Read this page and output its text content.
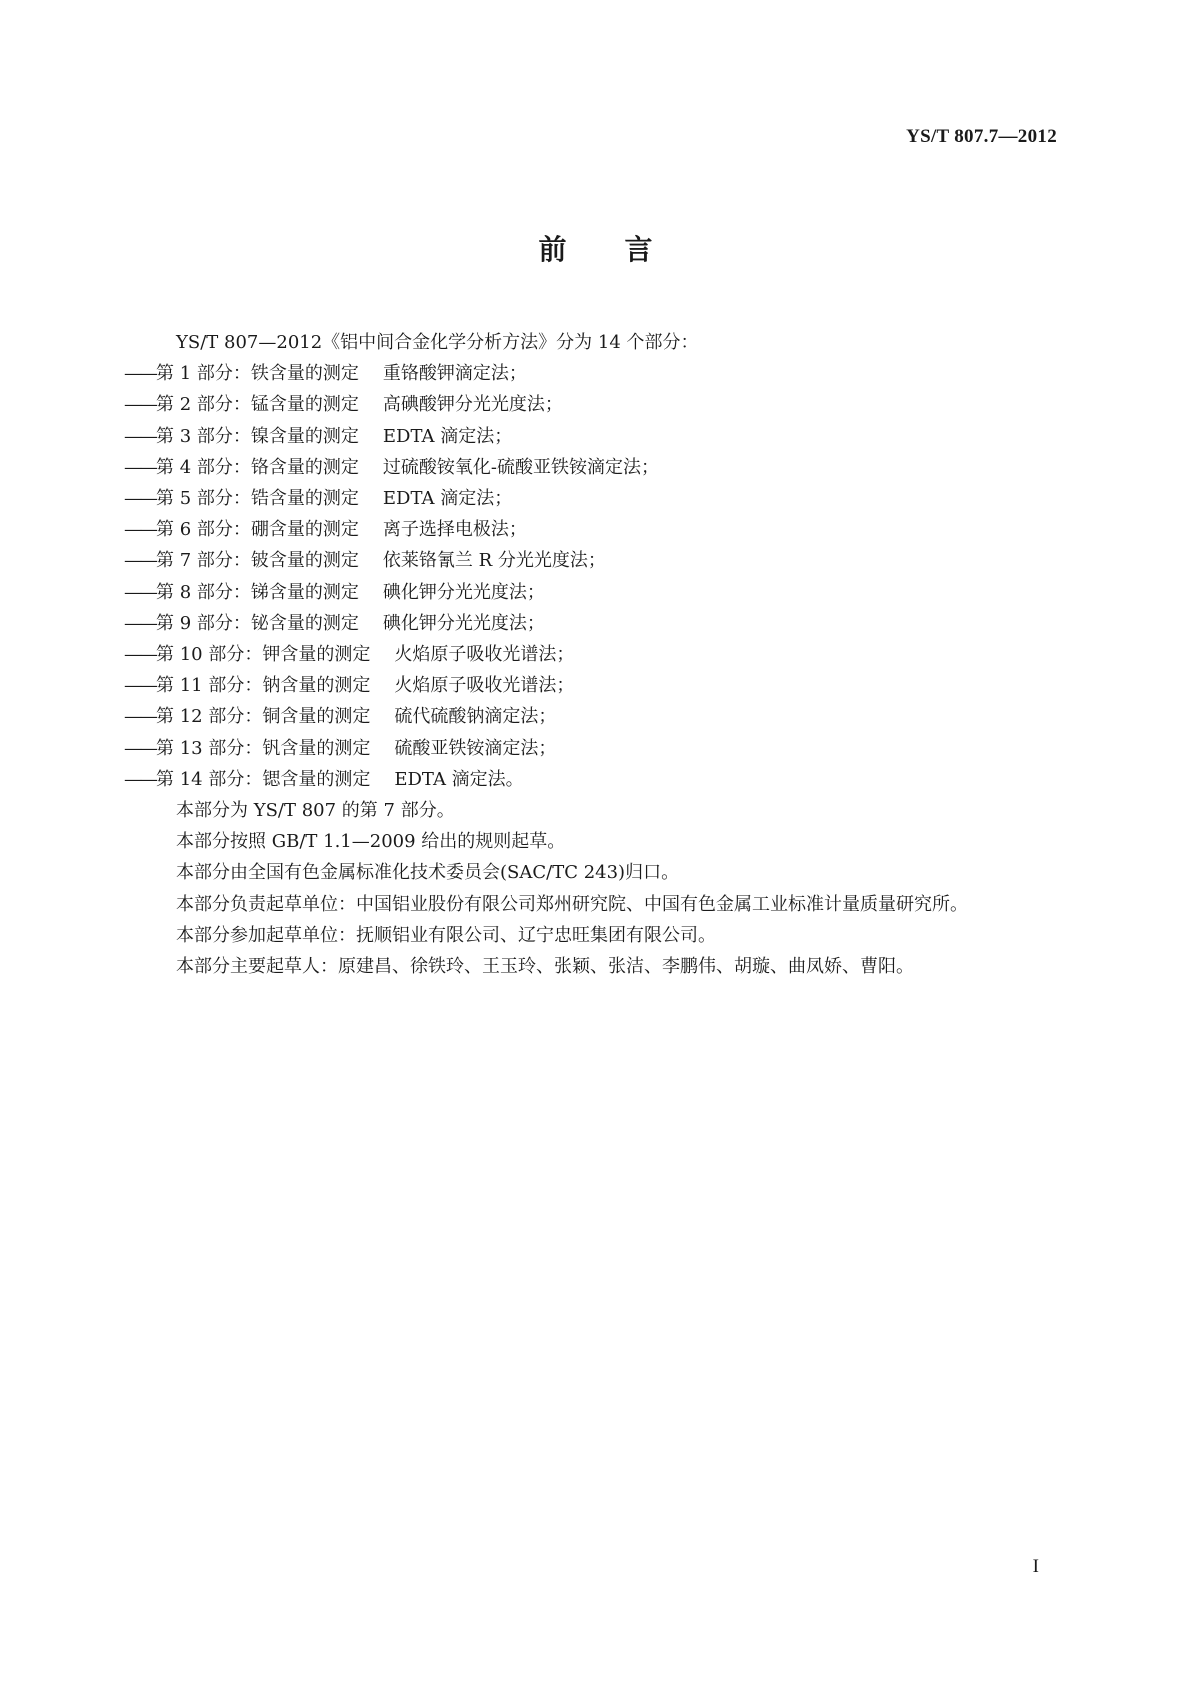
YS/T 807.7—2012
前言

YS/T 807—2012《铝中间合金化学分析方法》分为 14 个部分：

——第 1 部分：铁含量的测定 重铬酸钾滴定法；

——第 2 部分：锰含量的测定 高碘酸钾分光光度法；

——第 3 部分：镍含量的测定 EDTA 滴定法；

——第 4 部分：铬含量的测定 过硫酸铵氧化-硫酸亚铁铵滴定法；

——第 5 部分：锆含量的测定 EDTA 滴定法；

——第 6 部分：硼含量的测定 离子选择电极法；

——第 7 部分：铍含量的测定 依莱铬氰兰 R 分光光度法；

——第 8 部分：锑含量的测定 碘化钾分光光度法；

——第 9 部分：铋含量的测定 碘化钾分光光度法；

——第 10 部分：钾含量的测定 火焰原子吸收光谱法；

——第 11 部分：钠含量的测定 火焰原子吸收光谱法；

——第 12 部分：铜含量的测定 硫代硫酸钠滴定法；

——第 13 部分：钒含量的测定 硫酸亚铁铵滴定法；

——第 14 部分：锶含量的测定 EDTA 滴定法。

本部分为 YS/T 807 的第 7 部分。

本部分按照 GB/T 1.1—2009 给出的规则起草。

本部分由全国有色金属标准化技术委员会(SAC/TC 243)归口。

本部分负责起草单位：中国铝业股份有限公司郑州研究院、中国有色金属工业标准计量质量研究所。

本部分参加起草单位：抚顺铝业有限公司、辽宁忠旺集团有限公司。

本部分主要起草人：原建昌、徐铁玲、王玉玲、张颖、张洁、李鹏伟、胡璇、曲凤娇、曹阳。

I
